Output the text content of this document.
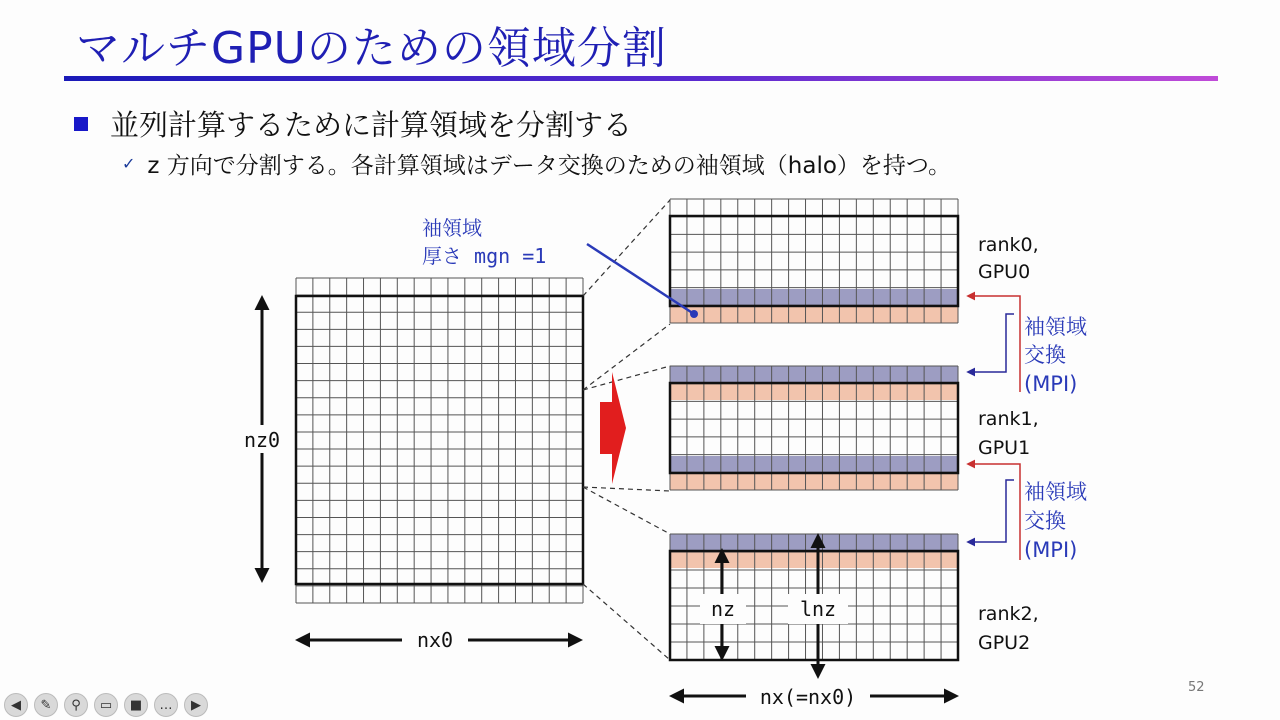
マルチGPUのための領域分割
並列計算するために計算領域を分割する
✓ z 方向で分割する。各計算領域はデータ交換のための袖領域（halo）を持つ。
袖領域
厚さ mgn =1
nz0
nx0
nx(=nx0)
nz	lnz
rank0,
GPU0
rank1,
GPU1
rank2,
GPU2
袖領域
交換
(MPI)
袖領域
交換
(MPI)
52
◀	✎	⚲	▭	■	…	▶
